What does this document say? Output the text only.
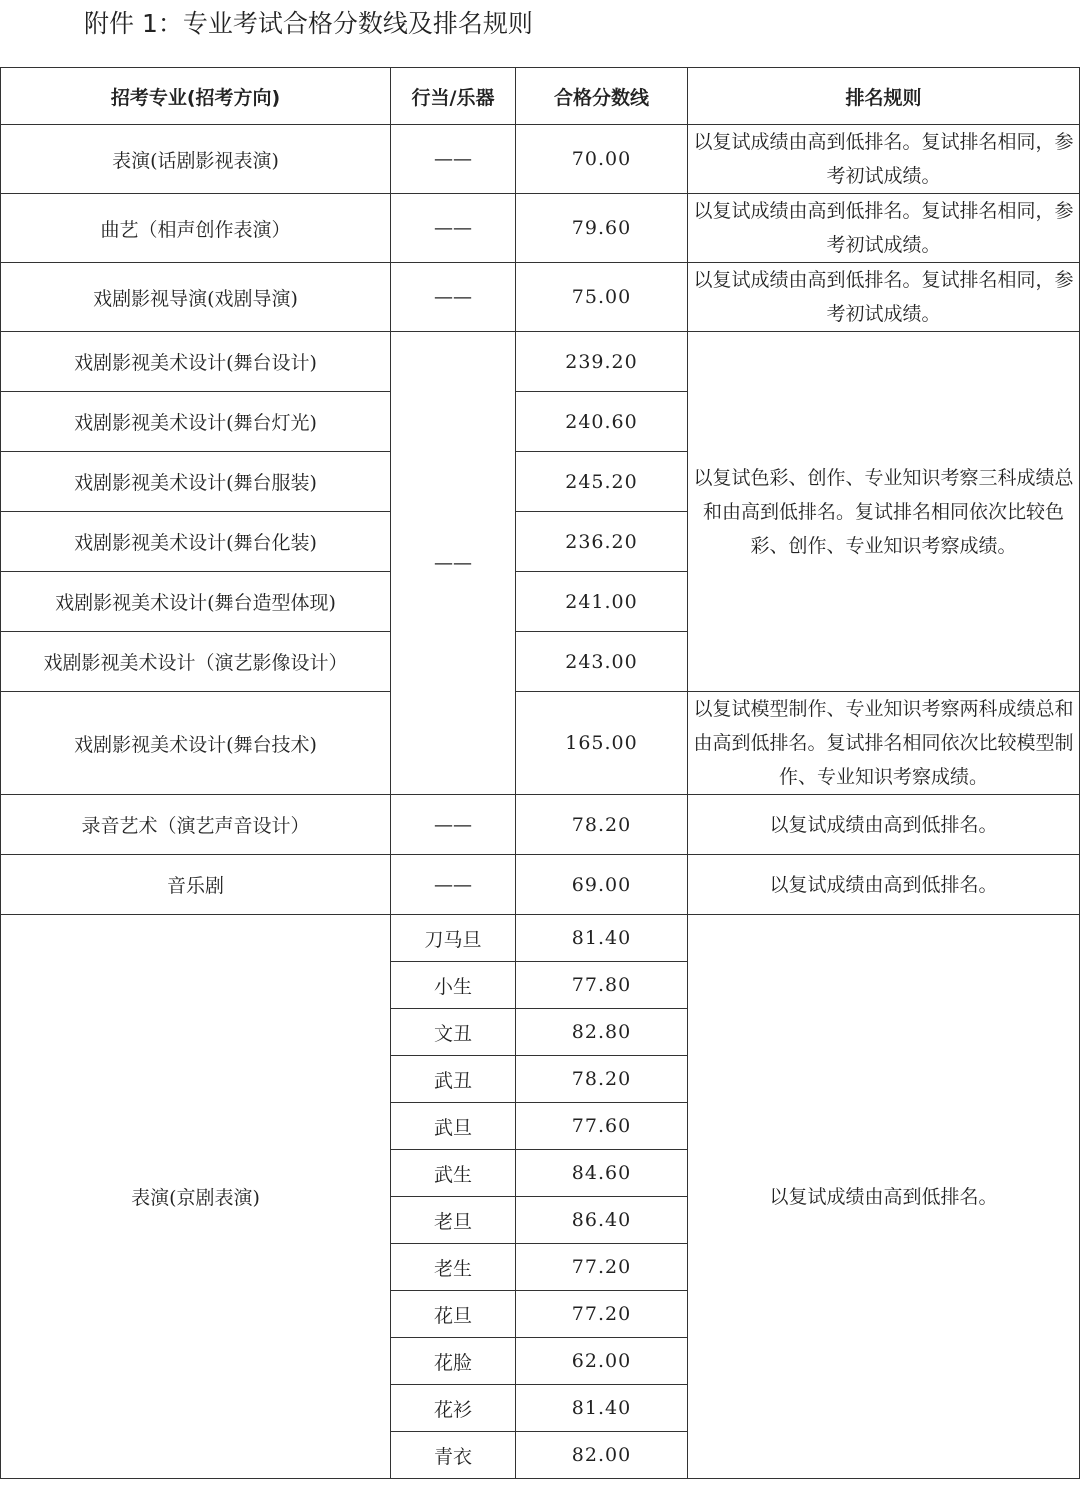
附件 1：专业考试合格分数线及排名规则
招考专业(招考方向)	行当/乐器	合格分数线	排名规则
表演(话剧影视表演)	——	70.00	以复试成绩由高到低排名。复试排名相同，参考初试成绩。
曲艺（相声创作表演）	——	79.60	以复试成绩由高到低排名。复试排名相同，参考初试成绩。
戏剧影视导演(戏剧导演)	——	75.00	以复试成绩由高到低排名。复试排名相同，参考初试成绩。
戏剧影视美术设计(舞台设计)	——	239.20	以复试色彩、创作、专业知识考察三科成绩总和由高到低排名。复试排名相同依次比较色彩、创作、专业知识考察成绩。
戏剧影视美术设计(舞台灯光)		240.60	
戏剧影视美术设计(舞台服装)		245.20	
戏剧影视美术设计(舞台化装)		236.20	
戏剧影视美术设计(舞台造型体现)		241.00	
戏剧影视美术设计（演艺影像设计）		243.00	
戏剧影视美术设计(舞台技术)		165.00	以复试模型制作、专业知识考察两科成绩总和由高到低排名。复试排名相同依次比较模型制作、专业知识考察成绩。
录音艺术（演艺声音设计）	——	78.20	以复试成绩由高到低排名。
音乐剧	——	69.00	以复试成绩由高到低排名。
表演(京剧表演)	刀马旦	81.40	以复试成绩由高到低排名。
	小生	77.80	
	文丑	82.80	
	武丑	78.20	
	武旦	77.60	
	武生	84.60	
	老旦	86.40	
	老生	77.20	
	花旦	77.20	
	花脸	62.00	
	花衫	81.40	
	青衣	82.00	
